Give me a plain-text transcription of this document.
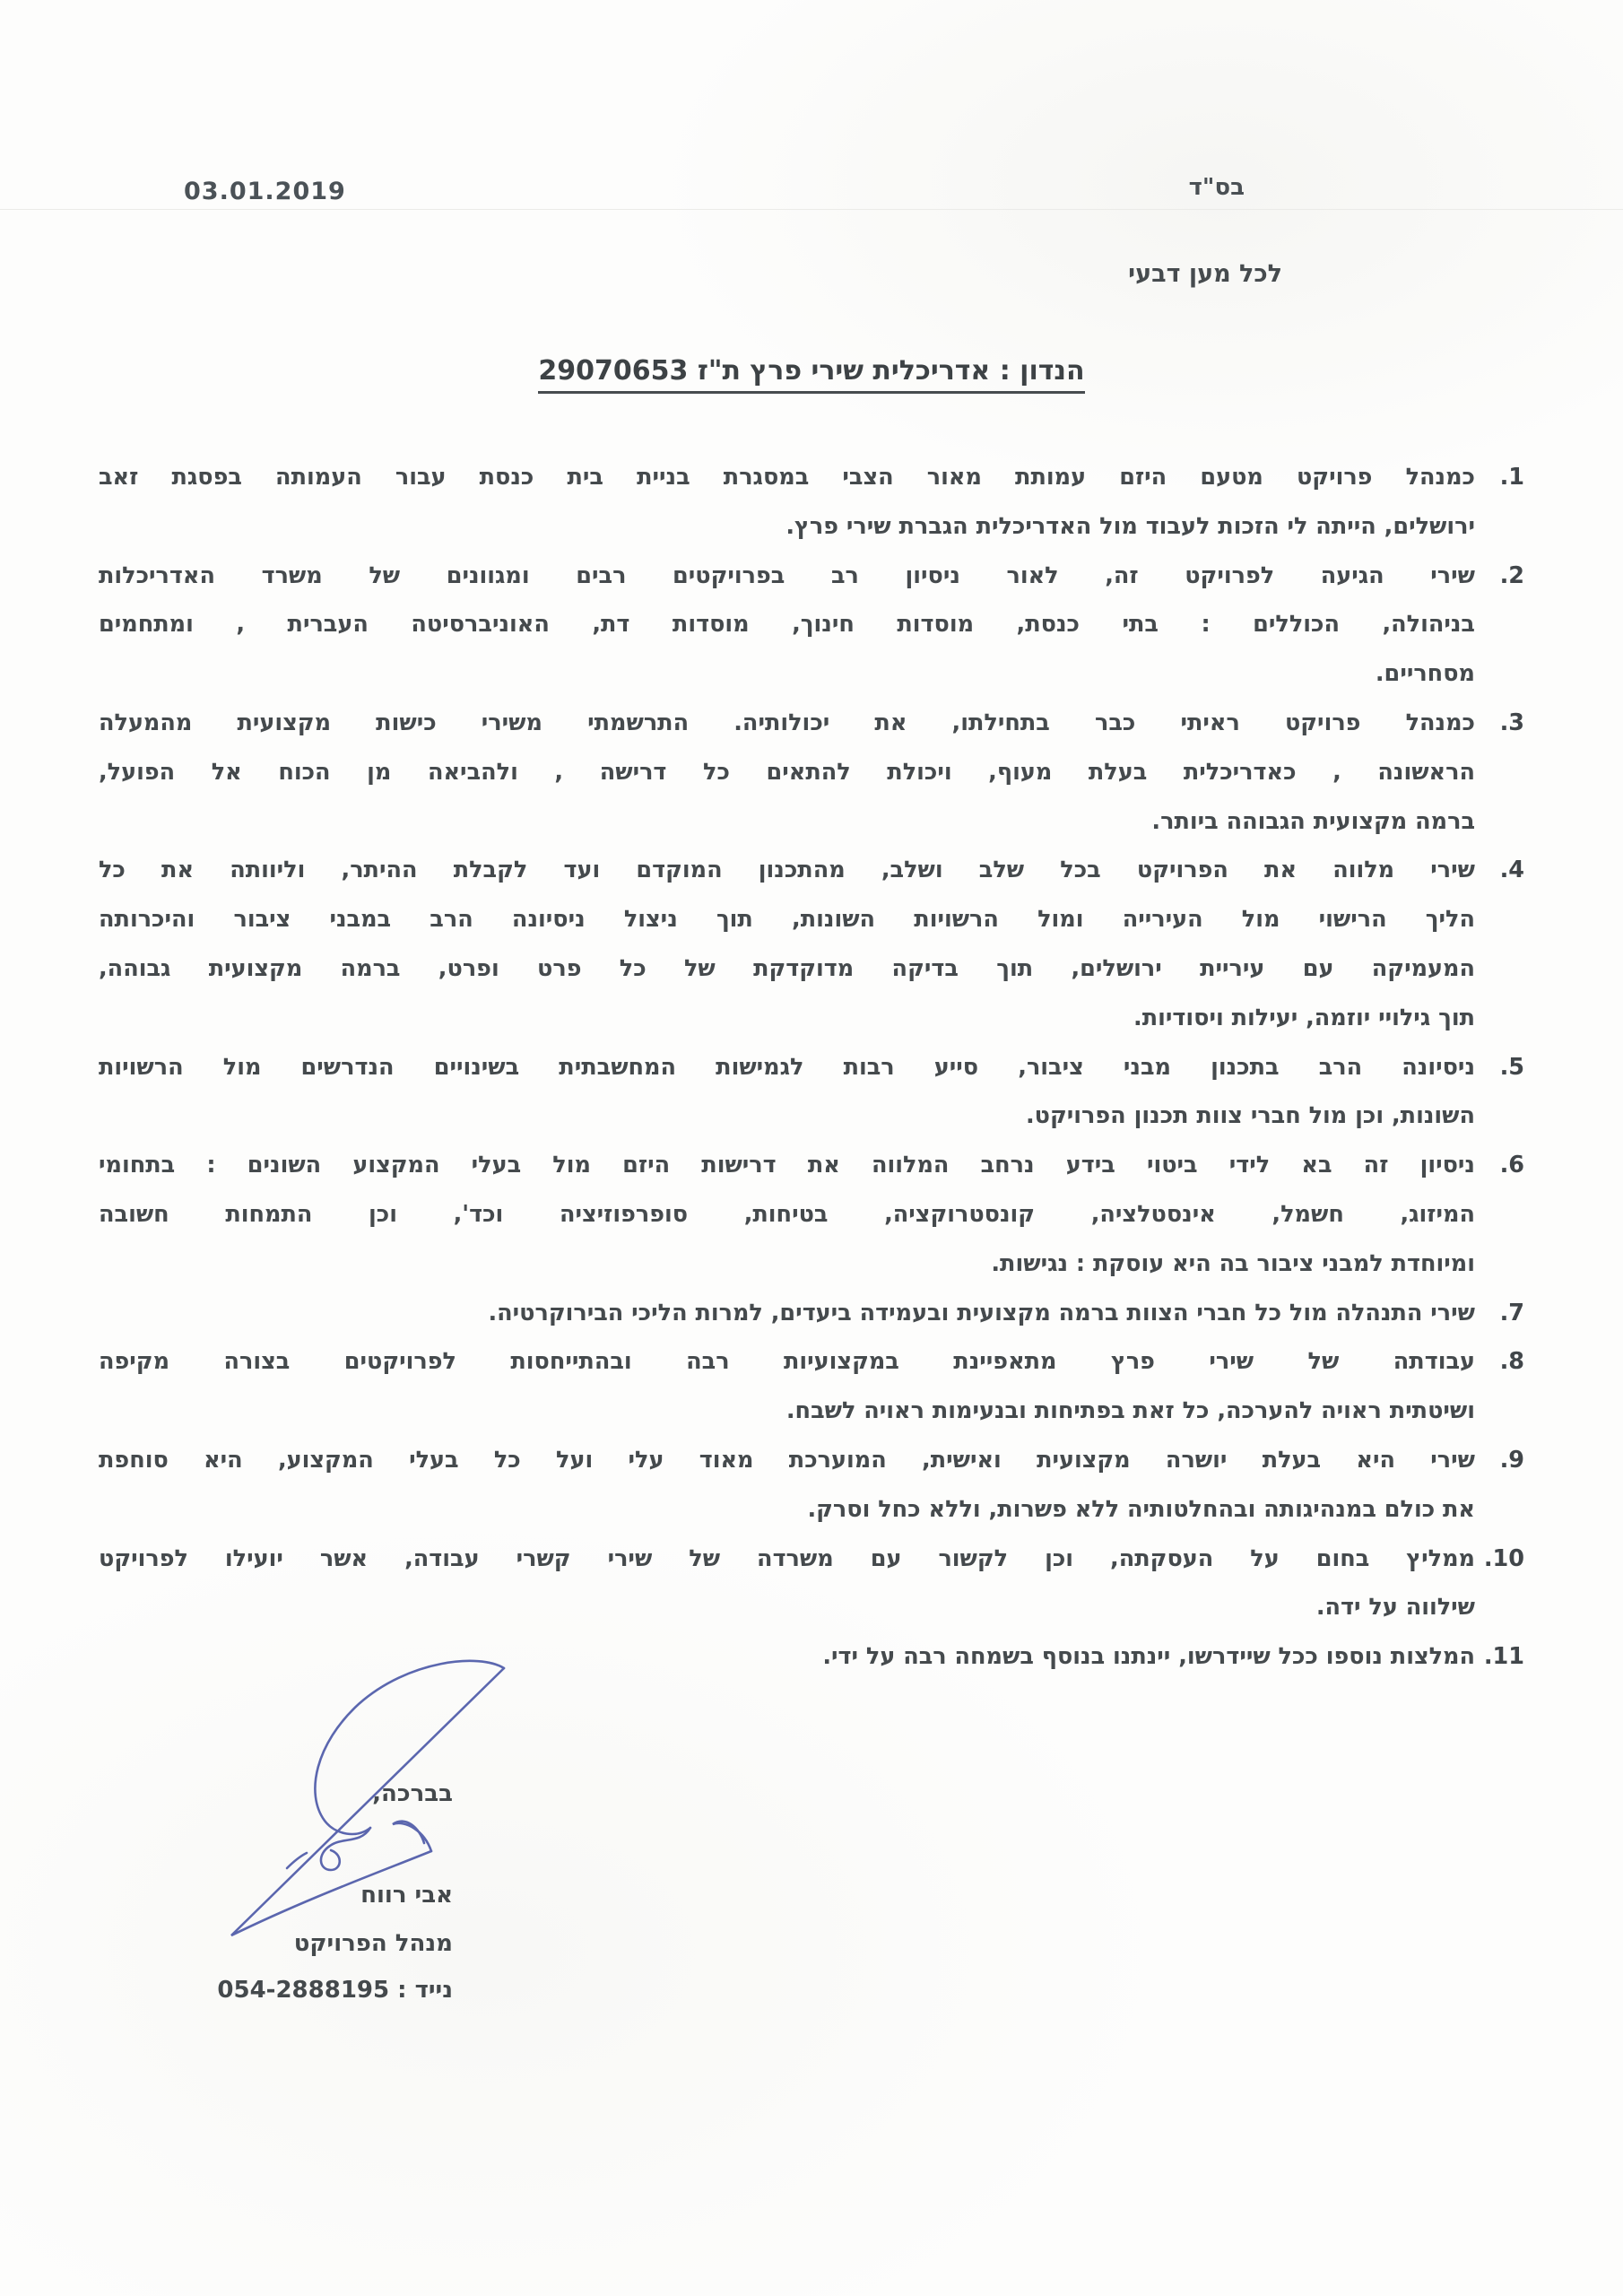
בס"ד
03.01.2019
לכל מען דבעי
הנדון : אדריכלית שירי פרץ ת"ז 29070653
1.
כמנהל פרויקט מטעם היזם עמותת מאור הצבי במסגרת בניית בית כנסת עבור העמותה בפסגת זאב
ירושלים, הייתה לי הזכות לעבוד מול האדריכלית הגברת שירי פרץ.
2.
שירי הגיעה לפרויקט זה, לאור ניסיון רב בפרויקטים רבים ומגוונים של משרד האדריכלות
בניהולה, הכוללים : בתי כנסת, מוסדות חינוך, מוסדות דת, האוניברסיטה העברית , ומתחמים
מסחריים.
3.
כמנהל פרויקט ראיתי כבר בתחילתו, את יכולותיה. התרשמתי משירי כישות מקצועית מהמעלה
הראשונה , כאדריכלית בעלת מעוף, ויכולת להתאים כל דרישה , ולהביאה מן הכוח אל הפועל,
ברמה מקצועית הגבוהה ביותר.
4.
שירי מלווה את הפרויקט בכל שלב ושלב, מהתכנון המוקדם ועד לקבלת ההיתר, וליוותה את כל
הליך הרישוי מול העירייה ומול הרשויות השונות, תוך ניצול ניסיונה הרב במבני ציבור והיכרותה
המעמיקה עם עיריית ירושלים, תוך בדיקה מדוקדקת של כל פרט ופרט, ברמה מקצועית גבוהה,
תוך גילויי יוזמה, יעילות ויסודיות.
5.
ניסיונה הרב בתכנון מבני ציבור, סייע רבות לגמישות המחשבתית בשינויים הנדרשים מול הרשויות
השונות, וכן מול חברי צוות תכנון הפרויקט.
6.
ניסיון זה בא לידי ביטוי בידע נרחב המלווה את דרישות היזם מול בעלי המקצוע השונים : בתחומי
המיזוג, חשמל, אינסטלציה, קונסטרוקציה, בטיחות, סופרפוזיציה וכד', וכן התמחות חשובה
ומיוחדת למבני ציבור בה היא עוסקת : נגישות.
7.
שירי התנהלה מול כל חברי הצוות ברמה מקצועית ובעמידה ביעדים, למרות הליכי הבירוקרטיה.
8.
עבודתה של שירי פרץ מתאפיינת במקצועיות רבה ובהתייחסות לפרויקטים בצורה מקיפה
ושיטתית ראויה להערכה, כל זאת בפתיחות ובנעימות ראויה לשבח.
9.
שירי היא בעלת יושרה מקצועית ואישית, המוערכת מאוד עלי ועל כל בעלי המקצוע, היא סוחפת
את כולם במנהיגותה ובהחלטותיה ללא פשרות, וללא כחל וסרק.
10.
ממליץ בחום על העסקתה, וכן לקשור עם משרדה של שירי קשרי עבודה, אשר יועילו לפרויקט
שילווה על ידה.
11.
המלצות נוספו ככל שיידרשו, יינתנו בנוסף בשמחה רבה על ידי.
בברכה,
אבי רווח
מנהל הפרויקט
נייד : 054-2888195
